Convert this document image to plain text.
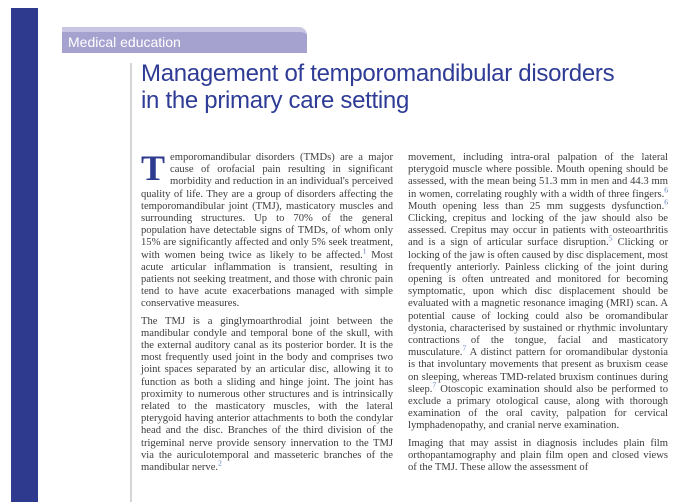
Medical education
Management of temporomandibular disorders
in the primary care setting

Temporomandibular disorders (TMDs) are a major cause of orofacial pain resulting in significant morbidity and reduction in an individual's perceived quality of life. They are a group of disorders affecting the temporomandibular joint (TMJ), masticatory muscles and surrounding structures. Up to 70% of the general population have detectable signs of TMDs, of whom only 15% are significantly affected and only 5% seek treatment, with women being twice as likely to be affected.$^1$ Most acute articular inflammation is transient, resulting in patients not seeking treatment, and those with chronic pain tend to have acute exacerbations managed with simple conservative measures.

The TMJ is a ginglymoarthrodial joint between the mandibular condyle and temporal bone of the skull, with the external auditory canal as its posterior border. It is the most frequently used joint in the body and comprises two joint spaces separated by an articular disc, allowing it to function as both a sliding and hinge joint. The joint has proximity to numerous other structures and is intrinsically related to the masticatory muscles, with the lateral pterygoid having anterior attachments to both the condylar head and the disc. Branches of the third division of the trigeminal nerve provide sensory innervation to the TMJ via the auriculotemporal and masseteric branches of the mandibular nerve.$^2$

movement, including intra-oral palpation of the lateral pterygoid muscle where possible. Mouth opening should be assessed, with the mean being 51.3 mm in men and 44.3 mm in women, correlating roughly with a width of three fingers.$^6$ Mouth opening less than 25 mm suggests dysfunction.$^6$ Clicking, crepitus and locking of the jaw should also be assessed. Crepitus may occur in patients with osteoarthritis and is a sign of articular surface disruption.$^5$ Clicking or locking of the jaw is often caused by disc displacement, most frequently anteriorly. Painless clicking of the joint during opening is often untreated and monitored for becoming symptomatic, upon which disc displacement should be evaluated with a magnetic resonance imaging (MRI) scan. A potential cause of locking could also be oromandibular dystonia, characterised by sustained or rhythmic involuntary contractions of the tongue, facial and masticatory musculature.$^7$ A distinct pattern for oromandibular dystonia is that involuntary movements that present as bruxism cease on sleeping, whereas TMD-related bruxism continues during sleep.$^7$ Otoscopic examination should also be performed to exclude a primary otological cause, along with thorough examination of the oral cavity, palpation for cervical lymphadenopathy, and cranial nerve examination.

Imaging that may assist in diagnosis includes plain film orthopantamography and plain film open and closed views of the TMJ. These allow the assessment of
